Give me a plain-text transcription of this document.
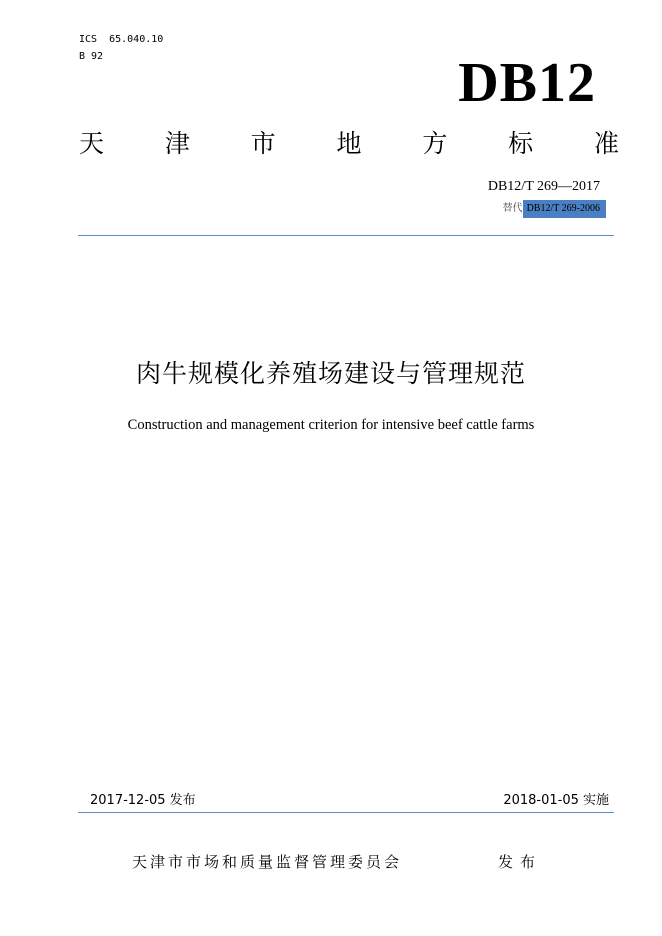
ICS  65.040.10
B 92	DB12
天 津 市 地 方 标 准
DB12/T 269—2017
替代 DB12/T 269-2006
肉牛规模化养殖场建设与管理规范
Construction and management criterion for intensive beef cattle farms
2017-12-05 发布	2018-01-05 实施
天津市市场和质量监督管理委员会	发布
